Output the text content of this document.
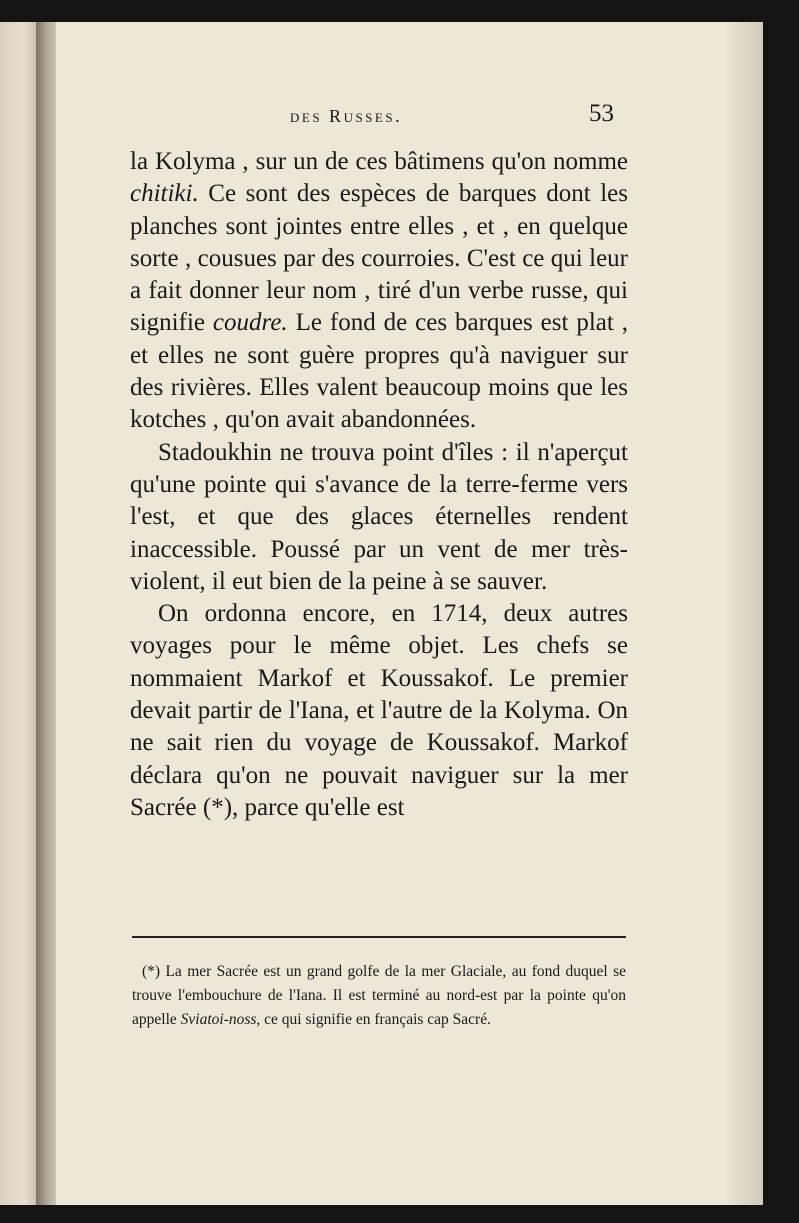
des Russes.	53

la Kolyma , sur un de ces bâtimens qu'on nomme chitiki. Ce sont des espèces de barques dont les planches sont jointes entre elles , et , en quelque sorte , cousues par des courroies. C'est ce qui leur a fait donner leur nom , tiré d'un verbe russe, qui signifie coudre. Le fond de ces barques est plat , et elles ne sont guère propres qu'à naviguer sur des rivières. Elles valent beaucoup moins que les kotches , qu'on avait abandonnées.

Stadoukhin ne trouva point d'îles : il n'aperçut qu'une pointe qui s'avance de la terre-ferme vers l'est, et que des glaces éternelles rendent inaccessible. Poussé par un vent de mer très-violent, il eut bien de la peine à se sauver.

On ordonna encore, en 1714, deux autres voyages pour le même objet. Les chefs se nommaient Markof et Koussakof. Le premier devait partir de l'Iana, et l'autre de la Kolyma. On ne sait rien du voyage de Koussakof. Markof déclara qu'on ne pouvait naviguer sur la mer Sacrée (*), parce qu'elle est

(*) La mer Sacrée est un grand golfe de la mer Glaciale, au fond duquel se trouve l'embouchure de l'Iana. Il est terminé au nord-est par la pointe qu'on appelle Sviatoi-noss, ce qui signifie en français cap Sacré.
